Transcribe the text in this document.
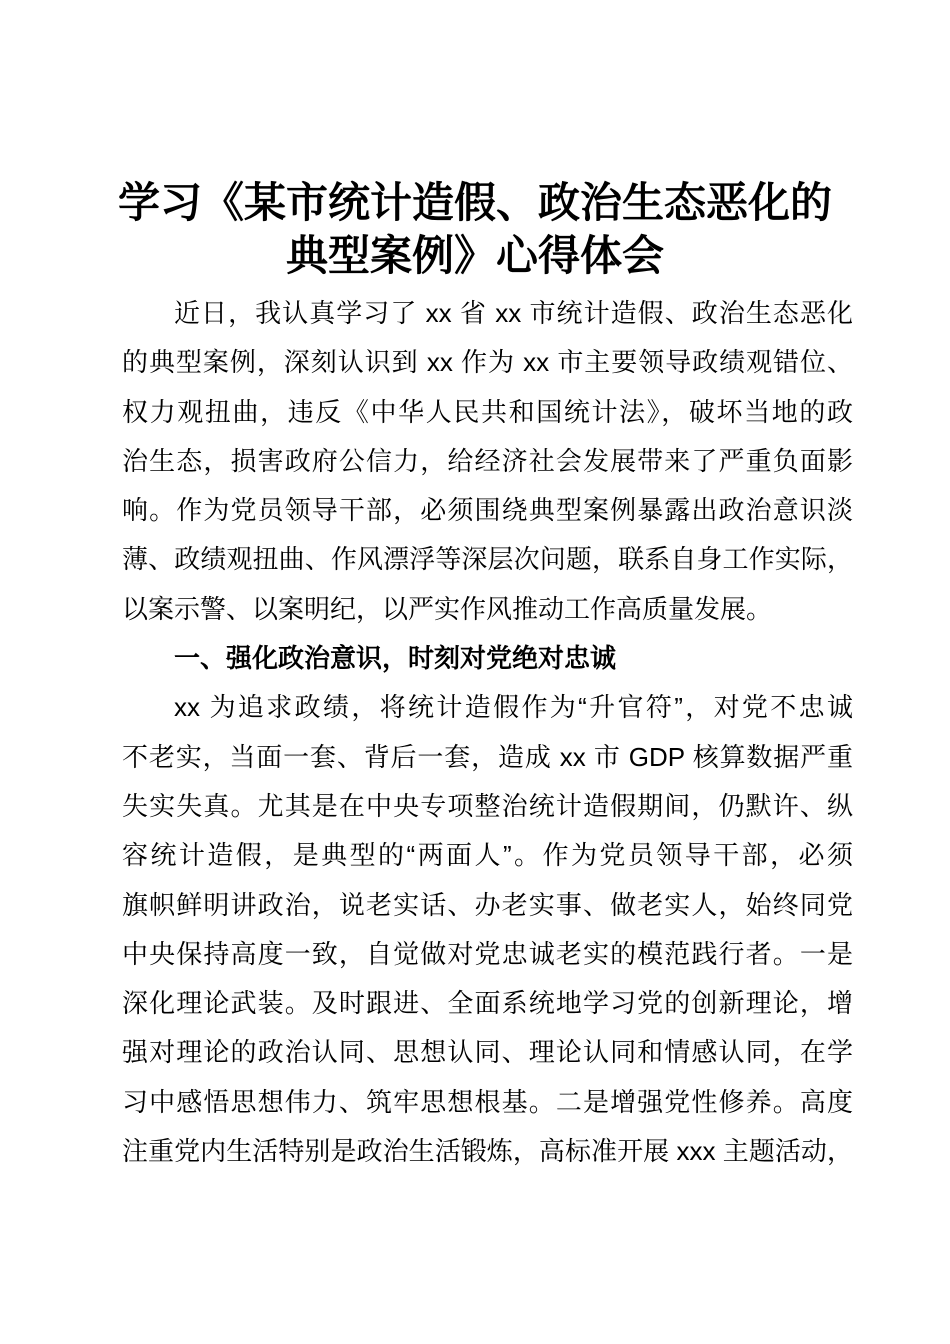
学习《某市统计造假、政治生态恶化的
典型案例》心得体会
近日，我认真学习了 xx 省 xx 市统计造假、政治生态恶化
的典型案例，深刻认识到 xx 作为 xx 市主要领导政绩观错位、
权力观扭曲，违反《中华人民共和国统计法》，破坏当地的政
治生态，损害政府公信力，给经济社会发展带来了严重负面影
响。作为党员领导干部，必须围绕典型案例暴露出政治意识淡
薄、政绩观扭曲、作风漂浮等深层次问题，联系自身工作实际，
以案示警、以案明纪，以严实作风推动工作高质量发展。
一、强化政治意识，时刻对党绝对忠诚
xx 为追求政绩，将统计造假作为“升官符”，对党不忠诚
不老实，当面一套、背后一套，造成 xx 市 GDP 核算数据严重
失实失真。尤其是在中央专项整治统计造假期间，仍默许、纵
容统计造假，是典型的“两面人”。作为党员领导干部，必须
旗帜鲜明讲政治，说老实话、办老实事、做老实人，始终同党
中央保持高度一致，自觉做对党忠诚老实的模范践行者。一是
深化理论武装。及时跟进、全面系统地学习党的创新理论，增
强对理论的政治认同、思想认同、理论认同和情感认同，在学
习中感悟思想伟力、筑牢思想根基。二是增强党性修养。高度
注重党内生活特别是政治生活锻炼，高标准开展 xxx 主题活动，
